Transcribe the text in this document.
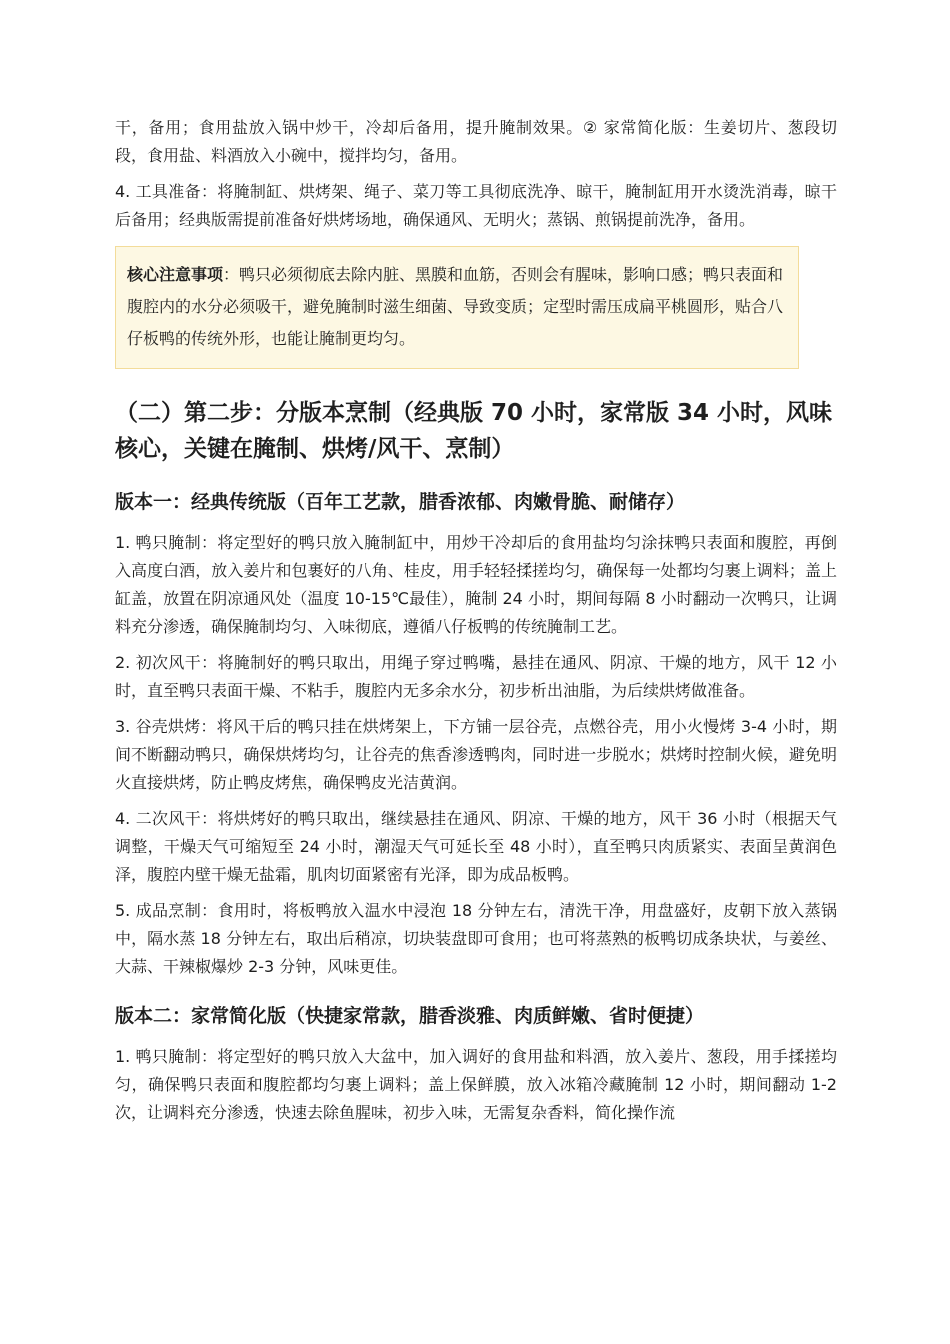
干，备用；食用盐放入锅中炒干，冷却后备用，提升腌制效果。② 家常简化版：生姜切片、葱段切段，食用盐、料酒放入小碗中，搅拌均匀，备用。

4. 工具准备：将腌制缸、烘烤架、绳子、菜刀等工具彻底洗净、晾干，腌制缸用开水烫洗消毒，晾干后备用；经典版需提前准备好烘烤场地，确保通风、无明火；蒸锅、煎锅提前洗净，备用。

核心注意事项：鸭只必须彻底去除内脏、黑膜和血筋，否则会有腥味，影响口感；鸭只表面和腹腔内的水分必须吸干，避免腌制时滋生细菌、导致变质；定型时需压成扁平桃圆形，贴合八仔板鸭的传统外形，也能让腌制更均匀。
（二）第二步：分版本烹制（经典版 70 小时，家常版 34 小时，风味核心，关键在腌制、烘烤/风干、烹制）
版本一：经典传统版（百年工艺款，腊香浓郁、肉嫩骨脆、耐储存）

1. 鸭只腌制：将定型好的鸭只放入腌制缸中，用炒干冷却后的食用盐均匀涂抹鸭只表面和腹腔，再倒入高度白酒，放入姜片和包裹好的八角、桂皮，用手轻轻揉搓均匀，确保每一处都均匀裹上调料；盖上缸盖，放置在阴凉通风处（温度 10-15℃最佳），腌制 24 小时，期间每隔 8 小时翻动一次鸭只，让调料充分渗透，确保腌制均匀、入味彻底，遵循八仔板鸭的传统腌制工艺。

2. 初次风干：将腌制好的鸭只取出，用绳子穿过鸭嘴，悬挂在通风、阴凉、干燥的地方，风干 12 小时，直至鸭只表面干燥、不粘手，腹腔内无多余水分，初步析出油脂，为后续烘烤做准备。

3. 谷壳烘烤：将风干后的鸭只挂在烘烤架上，下方铺一层谷壳，点燃谷壳，用小火慢烤 3-4 小时，期间不断翻动鸭只，确保烘烤均匀，让谷壳的焦香渗透鸭肉，同时进一步脱水；烘烤时控制火候，避免明火直接烘烤，防止鸭皮烤焦，确保鸭皮光洁黄润。

4. 二次风干：将烘烤好的鸭只取出，继续悬挂在通风、阴凉、干燥的地方，风干 36 小时（根据天气调整，干燥天气可缩短至 24 小时，潮湿天气可延长至 48 小时），直至鸭只肉质紧实、表面呈黄润色泽，腹腔内壁干燥无盐霜，肌肉切面紧密有光泽，即为成品板鸭。

5. 成品烹制：食用时，将板鸭放入温水中浸泡 18 分钟左右，清洗干净，用盘盛好，皮朝下放入蒸锅中，隔水蒸 18 分钟左右，取出后稍凉，切块装盘即可食用；也可将蒸熟的板鸭切成条块状，与姜丝、大蒜、干辣椒爆炒 2-3 分钟，风味更佳。

版本二：家常简化版（快捷家常款，腊香淡雅、肉质鲜嫩、省时便捷）

1. 鸭只腌制：将定型好的鸭只放入大盆中，加入调好的食用盐和料酒，放入姜片、葱段，用手揉搓均匀，确保鸭只表面和腹腔都均匀裹上调料；盖上保鲜膜，放入冰箱冷藏腌制 12 小时，期间翻动 1-2 次，让调料充分渗透，快速去除鱼腥味，初步入味，无需复杂香料，简化操作流
